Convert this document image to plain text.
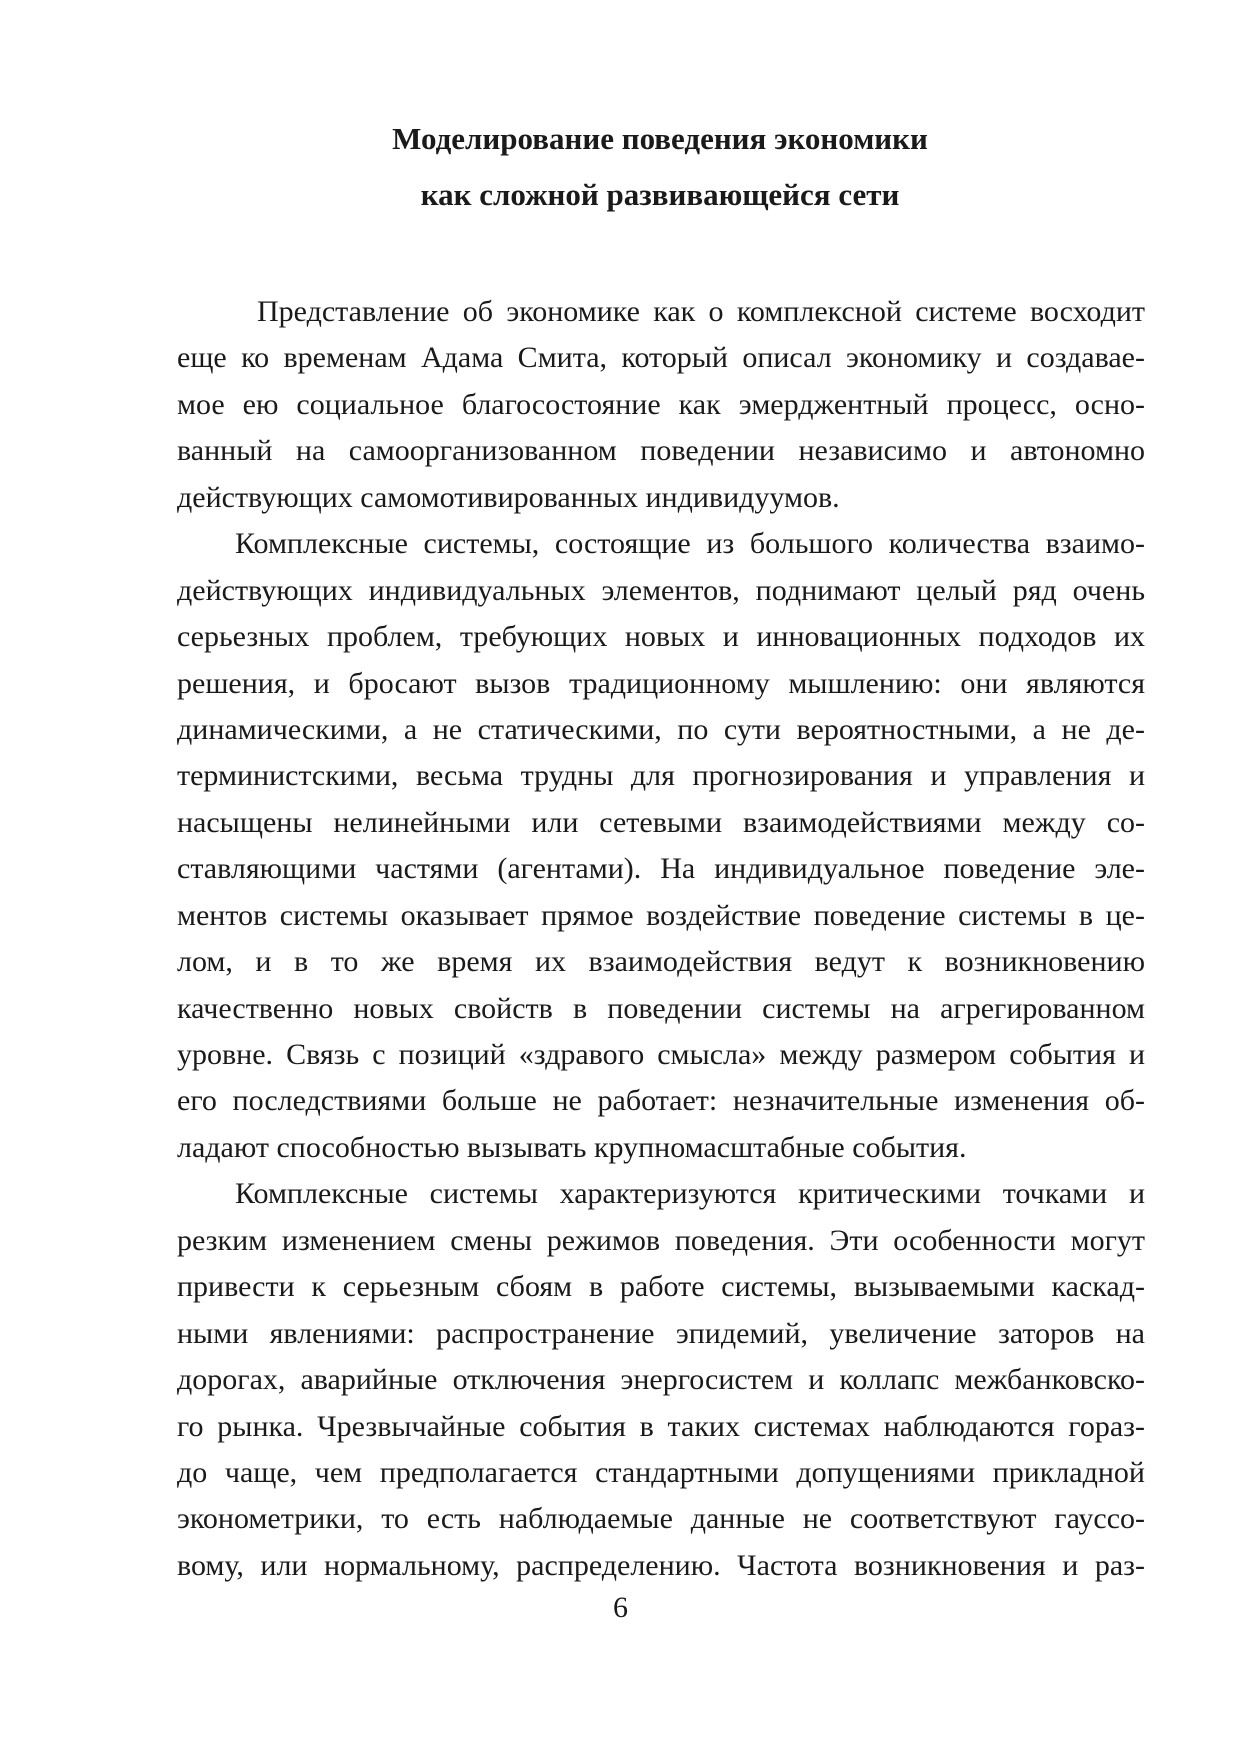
Моделирование поведения экономики
как сложной развивающейся сети
Представление об экономике как о комплексной системе восходит
еще ко временам Адама Смита, который описал экономику и создавае-
мое ею социальное благосостояние как эмерджентный процесс, осно-
ванный на самоорганизованном поведении независимо и автономно
действующих самомотивированных индивидуумов.
Комплексные системы, состоящие из большого количества взаимо-
действующих индивидуальных элементов, поднимают целый ряд очень
серьезных проблем, требующих новых и инновационных подходов их
решения, и бросают вызов традиционному мышлению: они являются
динамическими, а не статическими, по сути вероятностными, а не де-
терминистскими, весьма трудны для прогнозирования и управления и
насыщены нелинейными или сетевыми взаимодействиями между со-
ставляющими частями (агентами). На индивидуальное поведение эле-
ментов системы оказывает прямое воздействие поведение системы в це-
лом, и в то же время их взаимодействия ведут к возникновению
качественно новых свойств в поведении системы на агрегированном
уровне. Связь с позиций «здравого смысла» между размером события и
его последствиями больше не работает: незначительные изменения об-
ладают способностью вызывать крупномасштабные события.
Комплексные системы характеризуются критическими точками и
резким изменением смены режимов поведения. Эти особенности могут
привести к серьезным сбоям в работе системы, вызываемыми каскад-
ными явлениями: распространение эпидемий, увеличение заторов на
дорогах, аварийные отключения энергосистем и коллапс межбанковско-
го рынка. Чрезвычайные события в таких системах наблюдаются гораз-
до чаще, чем предполагается стандартными допущениями прикладной
эконометрики, то есть наблюдаемые данные не соответствуют гауссо-
вому, или нормальному, распределению. Частота возникновения и раз-
6
